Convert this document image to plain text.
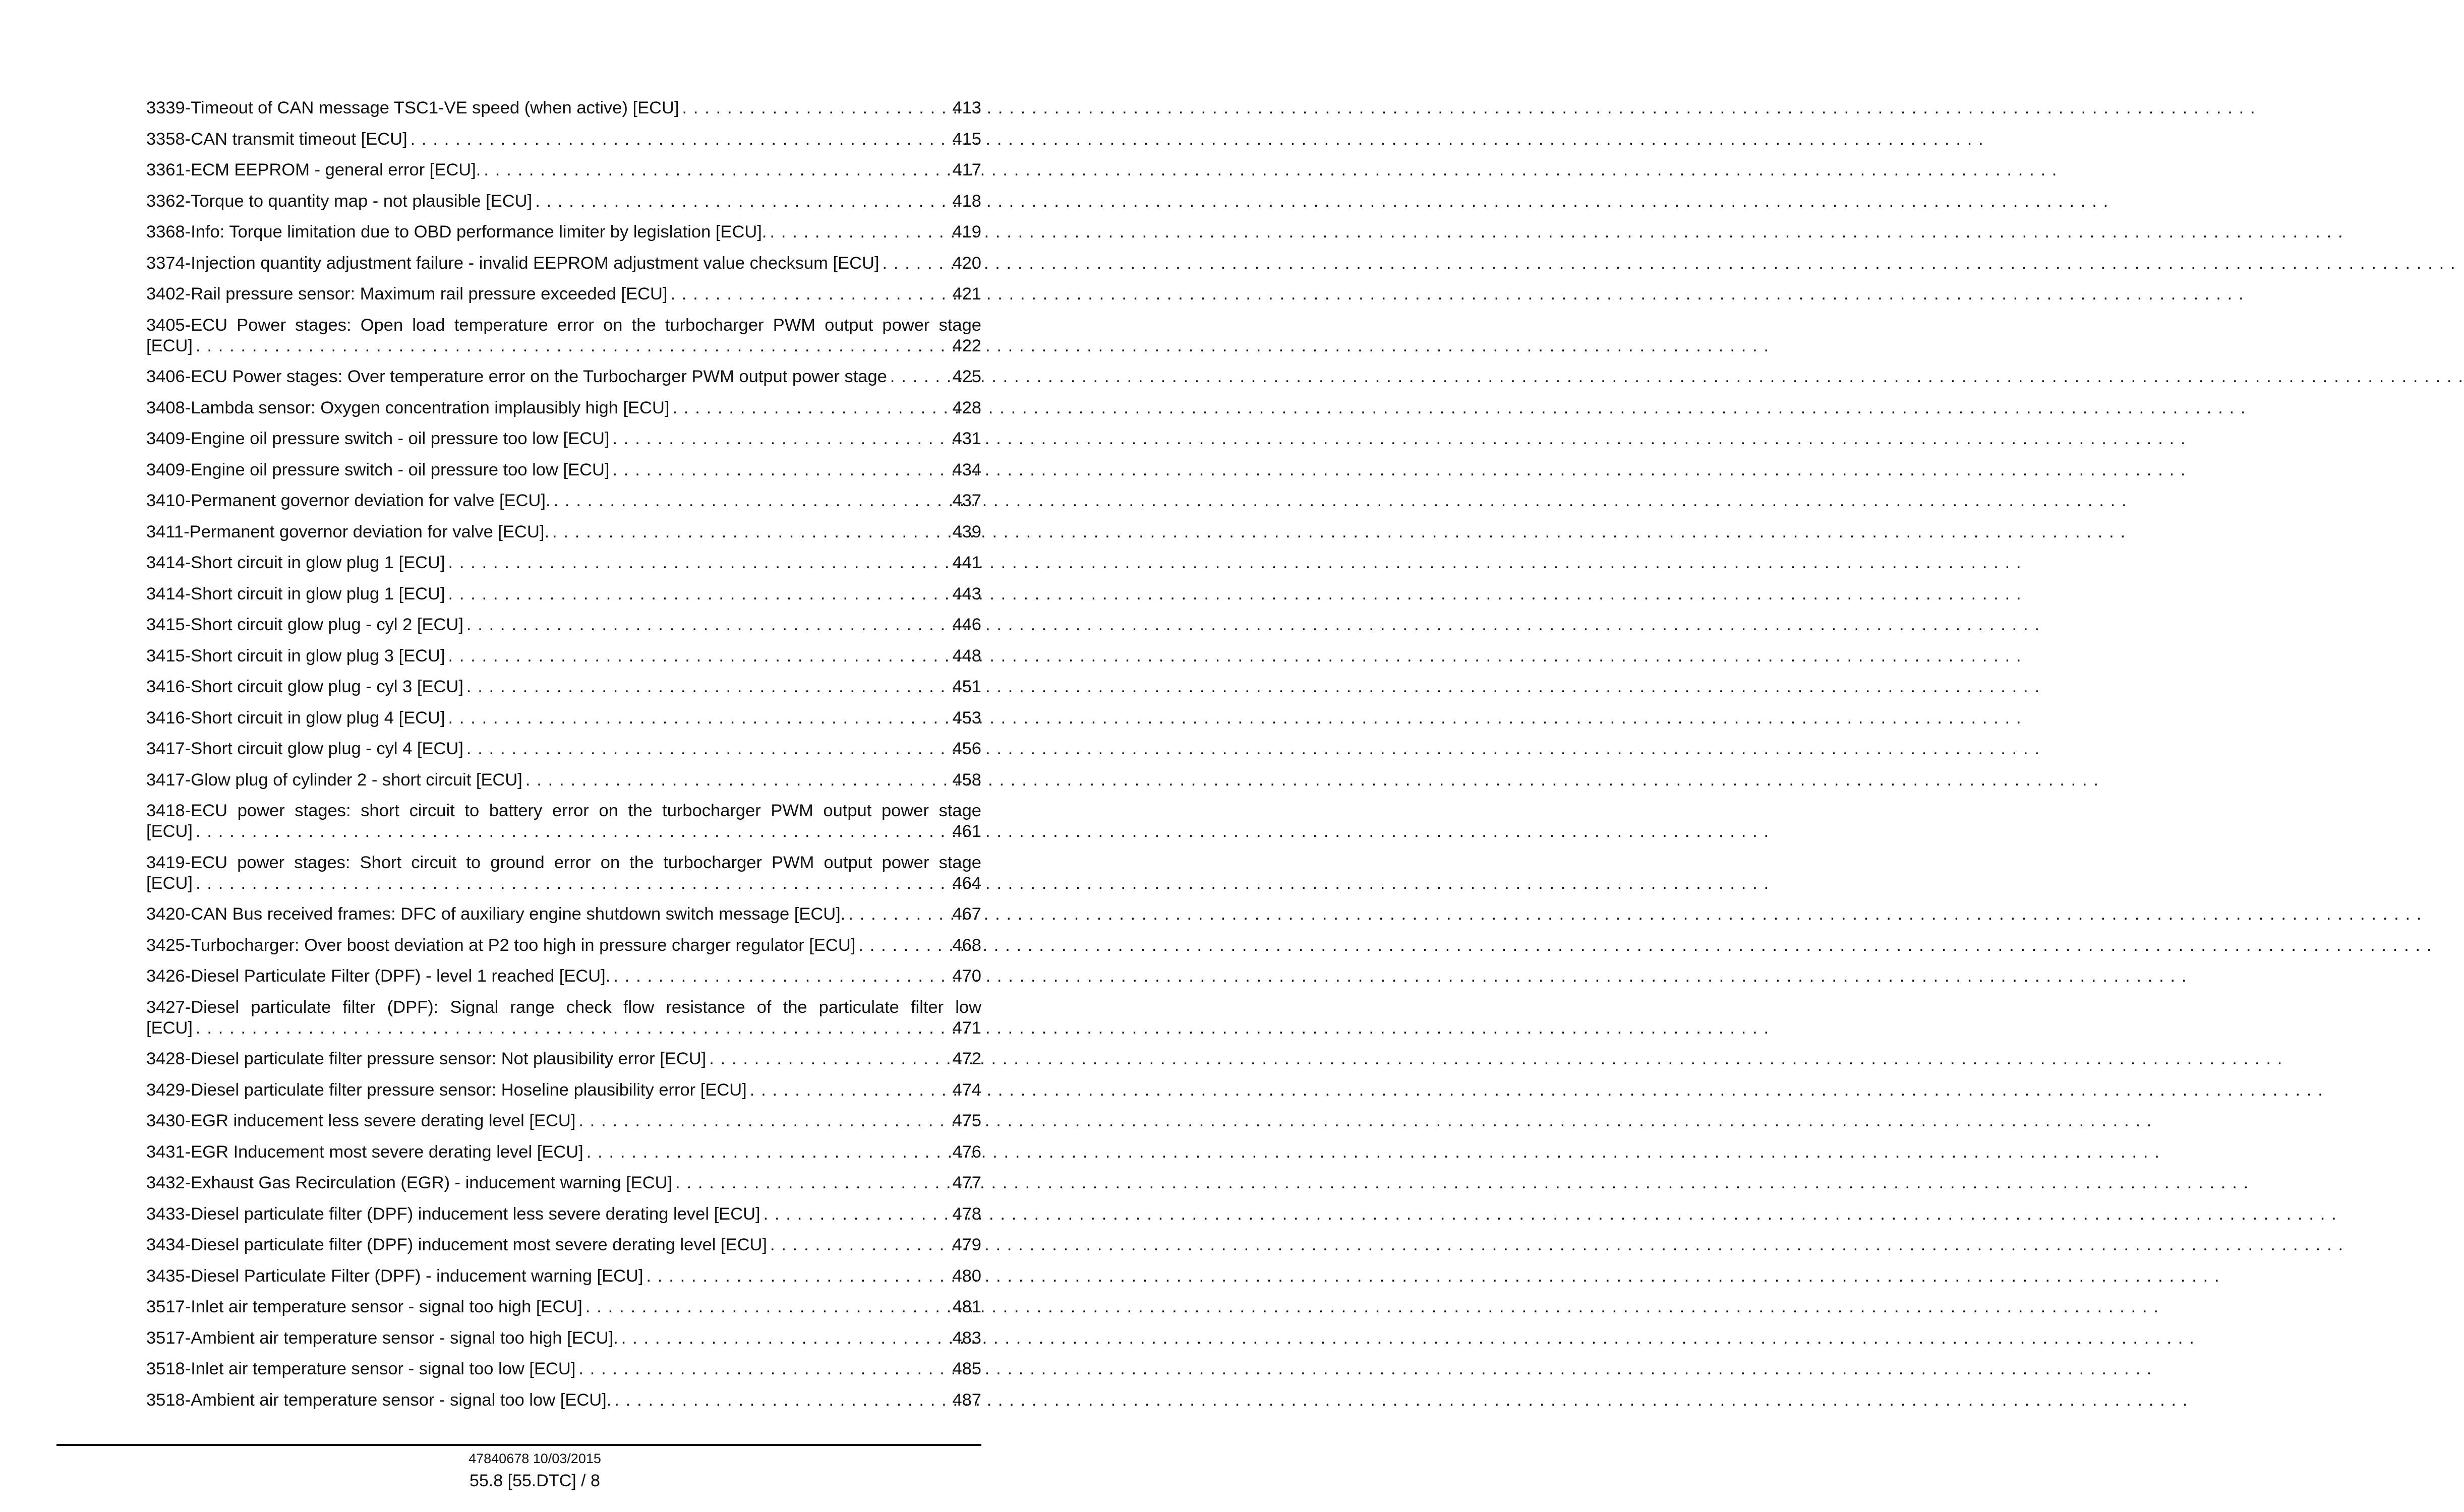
3339-Timeout of CAN message TSC1-VE speed (when active) [ECU] . . .	413
3358-CAN transmit timeout [ECU] . . .	415
3361-ECM EEPROM - general error [ECU]. . . .	417
3362-Torque to quantity map - not plausible [ECU] . . .	418
3368-Info: Torque limitation due to OBD performance limiter by legislation [ECU]. . . .	419
3374-Injection quantity adjustment failure - invalid EEPROM adjustment value checksum [ECU] . . .	420
3402-Rail pressure sensor: Maximum rail pressure exceeded [ECU] . . .	421
3405-ECU Power stages: Open load temperature error on the turbocharger PWM output power stage
[ECU] . . .	422
3406-ECU Power stages: Over temperature error on the Turbocharger PWM output power stage . . .	425
3408-Lambda sensor: Oxygen concentration implausibly high [ECU] . . .	428
3409-Engine oil pressure switch - oil pressure too low [ECU] . . .	431
3409-Engine oil pressure switch - oil pressure too low [ECU] . . .	434
3410-Permanent governor deviation for valve [ECU]. . . .	437
3411-Permanent governor deviation for valve [ECU]. . . .	439
3414-Short circuit in glow plug 1 [ECU] . . .	441
3414-Short circuit in glow plug 1 [ECU] . . .	443
3415-Short circuit glow plug - cyl 2 [ECU] . . .	446
3415-Short circuit in glow plug 3 [ECU] . . .	448
3416-Short circuit glow plug - cyl 3 [ECU] . . .	451
3416-Short circuit in glow plug 4 [ECU] . . .	453
3417-Short circuit glow plug - cyl 4 [ECU] . . .	456
3417-Glow plug of cylinder 2 - short circuit [ECU] . . .	458
3418-ECU power stages: short circuit to battery error on the turbocharger PWM output power stage
[ECU] . . .	461
3419-ECU power stages: Short circuit to ground error on the turbocharger PWM output power stage
[ECU] . . .	464
3420-CAN Bus received frames: DFC of auxiliary engine shutdown switch message [ECU]. . . .	467
3425-Turbocharger: Over boost deviation at P2 too high in pressure charger regulator [ECU] . . .	468
3426-Diesel Particulate Filter (DPF) - level 1 reached [ECU]. . . .	470
3427-Diesel particulate filter (DPF): Signal range check flow resistance of the particulate filter low
[ECU] . . .	471
3428-Diesel particulate filter pressure sensor: Not plausibility error [ECU] . . .	472
3429-Diesel particulate filter pressure sensor: Hoseline plausibility error [ECU] . . .	474
3430-EGR inducement less severe derating level [ECU] . . .	475
3431-EGR Inducement most severe derating level [ECU] . . .	476
3432-Exhaust Gas Recirculation (EGR) - inducement warning [ECU] . . .	477
3433-Diesel particulate filter (DPF) inducement less severe derating level [ECU] . . .	478
3434-Diesel particulate filter (DPF) inducement most severe derating level [ECU] . . .	479
3435-Diesel Particulate Filter (DPF) - inducement warning [ECU] . . .	480
3517-Inlet air temperature sensor - signal too high [ECU] . . .	481
3517-Ambient air temperature sensor - signal too high [ECU]. . . .	483
3518-Inlet air temperature sensor - signal too low [ECU] . . .	485
3518-Ambient air temperature sensor - signal too low [ECU]. . . .	487
47840678 10/03/2015
55.8 [55.DTC] / 8
